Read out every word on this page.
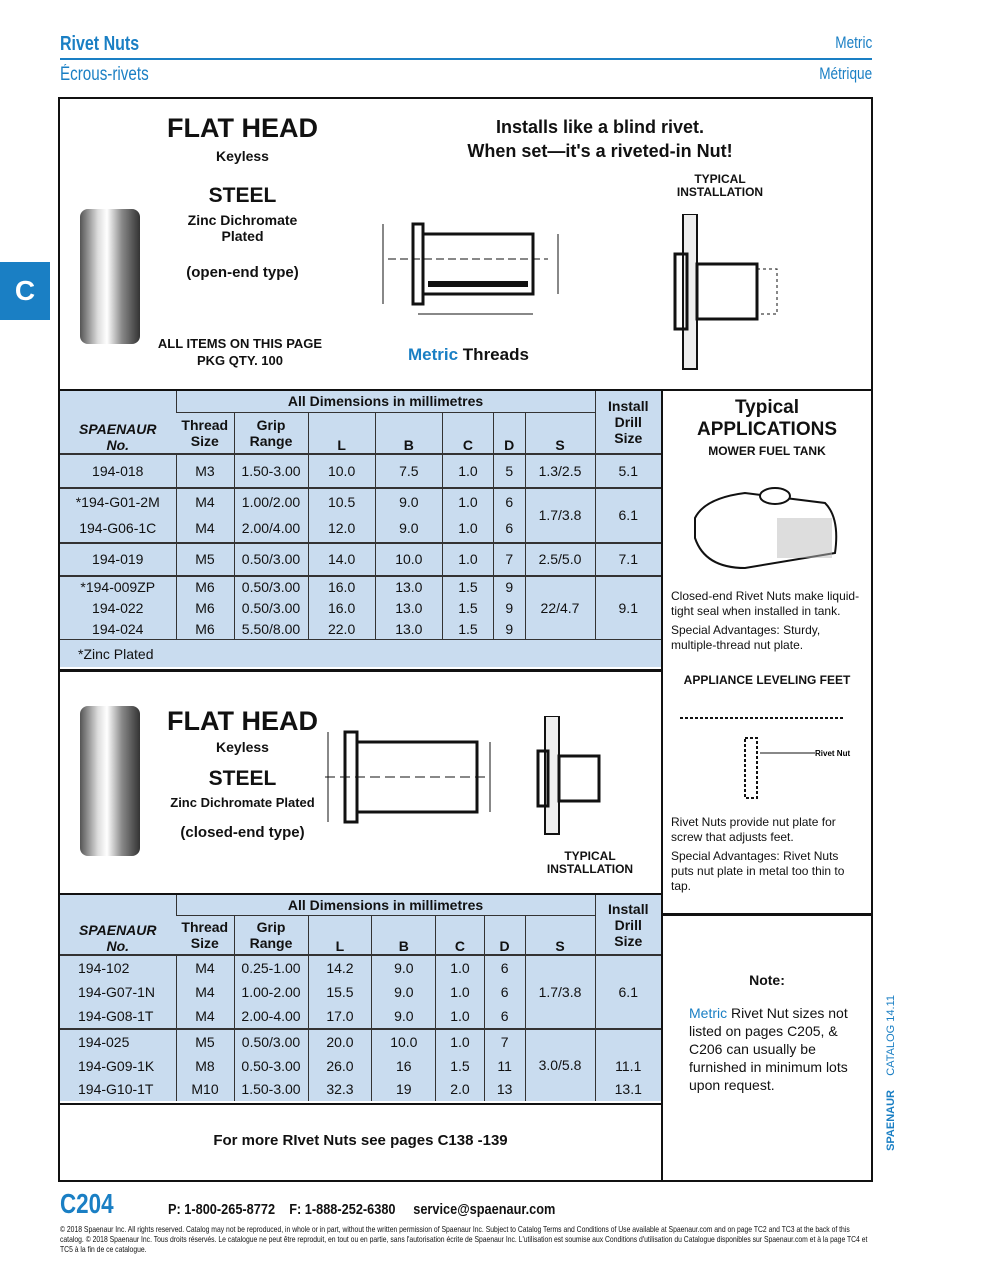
Rivet Nuts	Metric
Écrous-rivets	Métrique
C
FLAT HEAD
Keyless
STEEL
Zinc Dichromate
Plated
(open-end type)
ALL ITEMS ON THIS PAGE
PKG QTY. 100
Installs like a blind rivet.
When set—it's a riveted-in Nut!
Metric Threads
TYPICAL
INSTALLATION
SPAENAUR
No.	All Dimensions in millimetres							Install
Drill
Size
	Thread
Size	Grip
Range	L	B	C	D	S	
194-018	M3	1.50-3.00	10.0	7.5	1.0	5	1.3/2.5	5.1
*194-G01-2M	M4	1.00/2.00	10.5	9.0	1.0	6	1.7/3.8	6.1
194-G06-1C	M4	2.00/4.00	12.0	9.0	1.0	6		
194-019	M5	0.50/3.00	14.0	10.0	1.0	7	2.5/5.0	7.1
*194-009ZP	M6	0.50/3.00	16.0	13.0	1.5	9	22/4.7	9.1
194-022	M6	0.50/3.00	16.0	13.0	1.5	9		
194-024	M6	5.50/8.00	22.0	13.0	1.5	9		
*Zinc Plated								
FLAT HEAD
Keyless
STEEL
Zinc Dichromate Plated
(closed-end type)
TYPICAL
INSTALLATION
SPAENAUR
No.	All Dimensions in millimetres							Install
Drill
Size
	Thread
Size	Grip
Range	L	B	C	D	S	
194-102	M4	0.25-1.00	14.2	9.0	1.0	6	1.7/3.8	6.1
194-G07-1N	M4	1.00-2.00	15.5	9.0	1.0	6		
194-G08-1T	M4	2.00-4.00	17.0	9.0	1.0	6		
194-025	M5	0.50/3.00	20.0	10.0	1.0	7	3.0/5.8	
194-G09-1K	M8	0.50-3.00	26.0	16	1.5	11		11.1
194-G10-1T	M10	1.50-3.00	32.3	19	2.0	13		13.1
For more RIvet Nuts see pages C138 -139
Typical
APPLICATIONS
MOWER FUEL TANK
Closed-end Rivet Nuts make liquid-tight seal when installed in tank.
Special Advantages: Sturdy, multiple-thread nut plate.
APPLIANCE LEVELING FEET
Rivet Nut
Rivet Nuts provide nut plate for screw that adjusts feet.
Special Advantages: Rivet Nuts puts nut plate in metal too thin to tap.
Note:
Metric Rivet Nut sizes not listed on pages C205, & C206 can usually be furnished in minimum lots upon request.
CATALOG 14.11
SPAENAUR
C204	P: 1-800-265-8772 F: 1-888-252-6380 service@spaenaur.com
© 2018 Spaenaur Inc. All rights reserved. Catalog may not be reproduced, in whole or in part, without the written permission of Spaenaur Inc. Subject to Catalog Terms and Conditions of Use available at Spaenaur.com and on page TC2 and TC3 at the back of this catalog. © 2018 Spaenaur Inc. Tous droits réservés. Le catalogue ne peut être reproduit, en tout ou en partie, sans l'autorisation écrite de Spaenaur Inc. L'utilisation est soumise aux Conditions d'utilisation du Catalogue disponibles sur Spaenaur.com et à la page TC4 et TC5 à la fin de ce catalogue.
